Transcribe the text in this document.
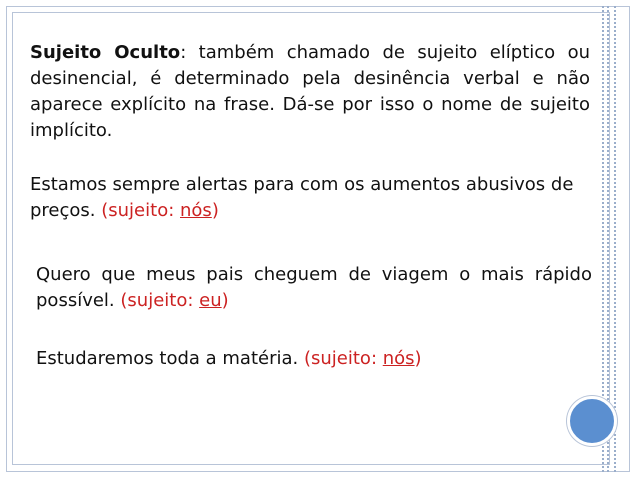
Sujeito Oculto: também chamado de sujeito elíptico ou desinencial, é determinado pela desinência verbal e não aparece explícito na frase. Dá-se por isso o nome de sujeito implícito.

Estamos sempre alertas para com os aumentos abusivos de preços. (sujeito: nós)

Quero que meus pais cheguem de viagem o mais rápido possível. (sujeito: eu)

Estudaremos toda a matéria. (sujeito: nós)
